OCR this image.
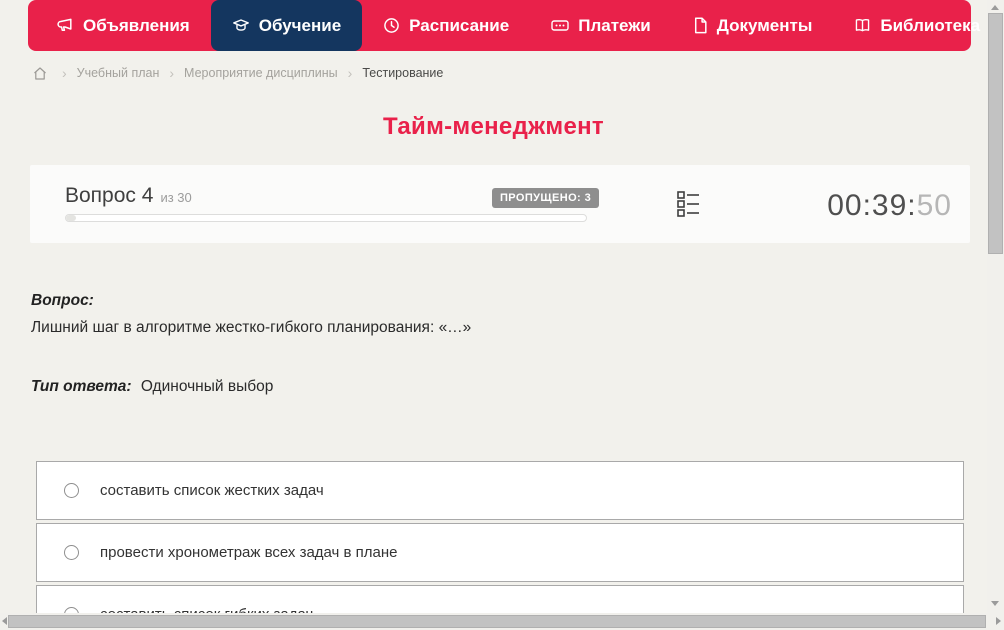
Объявления	Обучение	Расписание	Платежи	Документы	Библиотека
› Учебный план › Мероприятие дисциплины › Тестирование
Тайм-менеджмент
Вопрос 4 из 30	ПРОПУЩЕНО: 3	00:39:50
Вопрос:
Лишний шаг в алгоритме жестко-гибкого планирования: «…»
Тип ответа: Одиночный выбор
составить список жестких задач
провести хронометраж всех задач в плане
